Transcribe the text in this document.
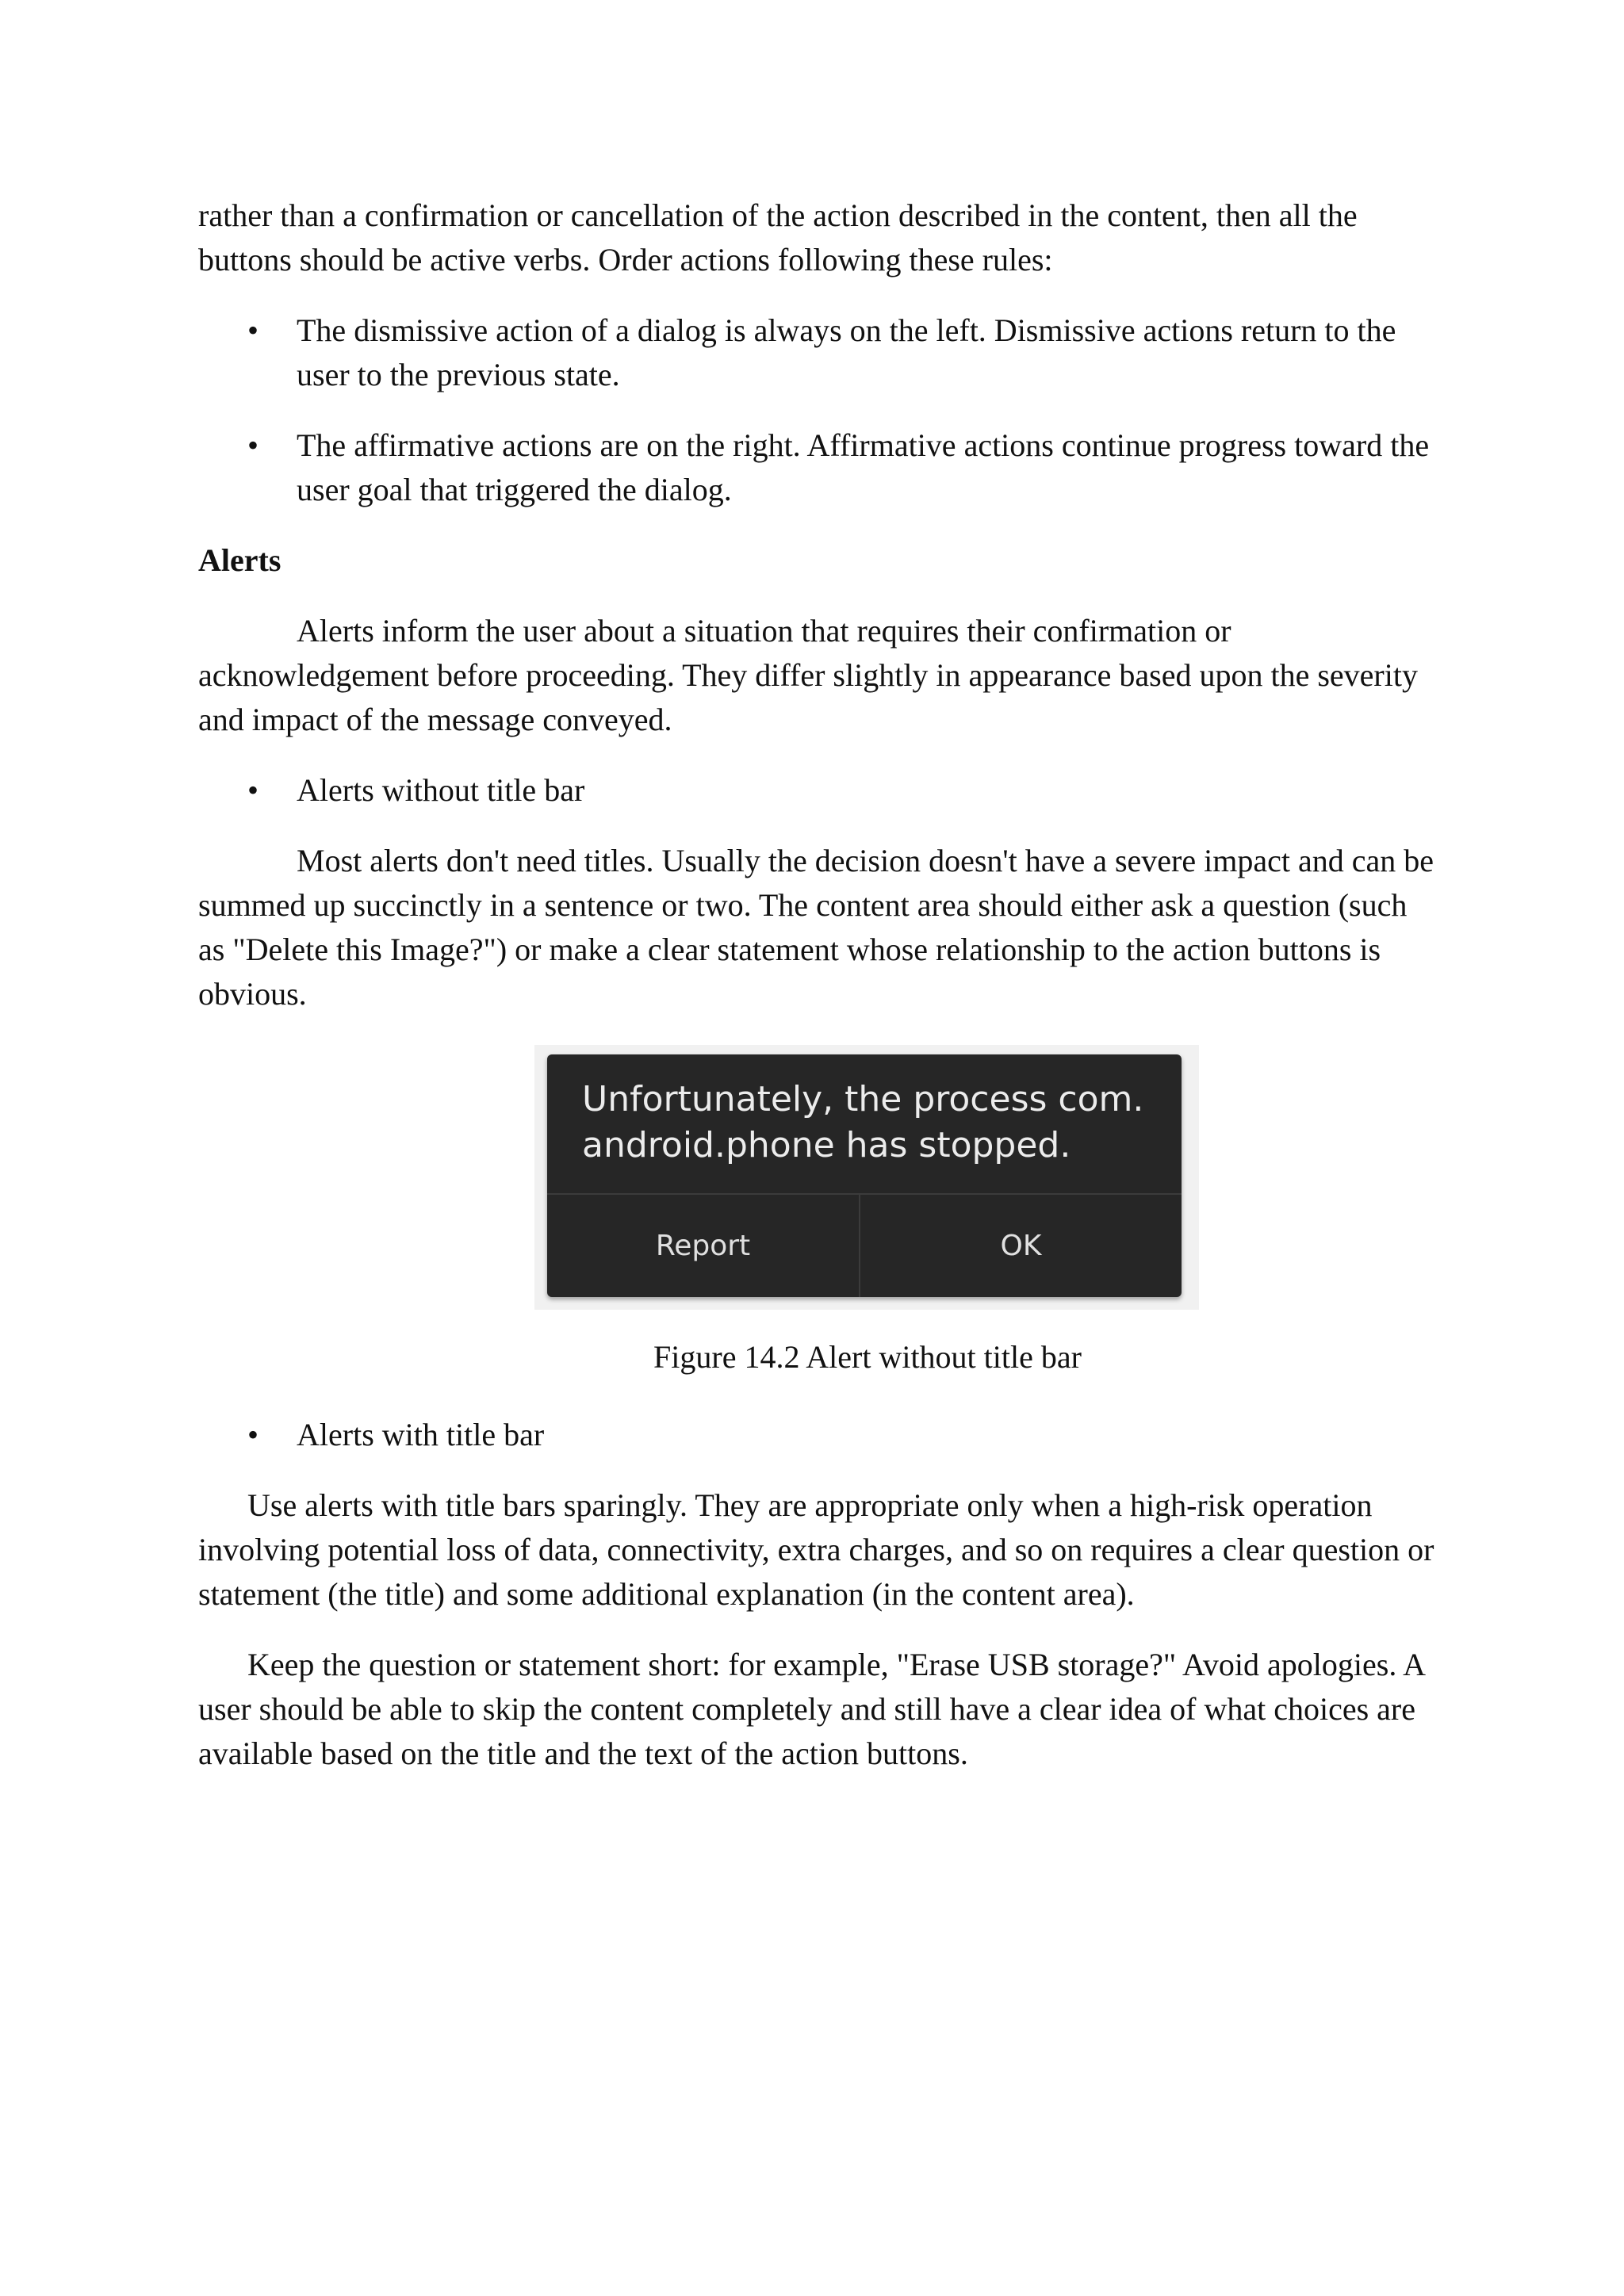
rather than a confirmation or cancellation of the action described in the content, then all the buttons should be active verbs. Order actions following these rules:

• The dismissive action of a dialog is always on the left. Dismissive actions return to the user to the previous state.
• The affirmative actions are on the right. Affirmative actions continue progress toward the user goal that triggered the dialog.
Alerts

Alerts inform the user about a situation that requires their confirmation or acknowledgement before proceeding. They differ slightly in appearance based upon the severity and impact of the message conveyed.

• Alerts without title bar

Most alerts don't need titles. Usually the decision doesn't have a severe impact and can be summed up succinctly in a sentence or two. The content area should either ask a question (such as "Delete this Image?") or make a clear statement whose relationship to the action buttons is obvious.

Unfortunately, the process com.
android.phone has stopped.
Report	OK
Figure 14.2 Alert without title bar
• Alerts with title bar

Use alerts with title bars sparingly. They are appropriate only when a high-risk operation involving potential loss of data, connectivity, extra charges, and so on requires a clear question or statement (the title) and some additional explanation (in the content area).

Keep the question or statement short: for example, "Erase USB storage?" Avoid apologies. A user should be able to skip the content completely and still have a clear idea of what choices are available based on the title and the text of the action buttons.
